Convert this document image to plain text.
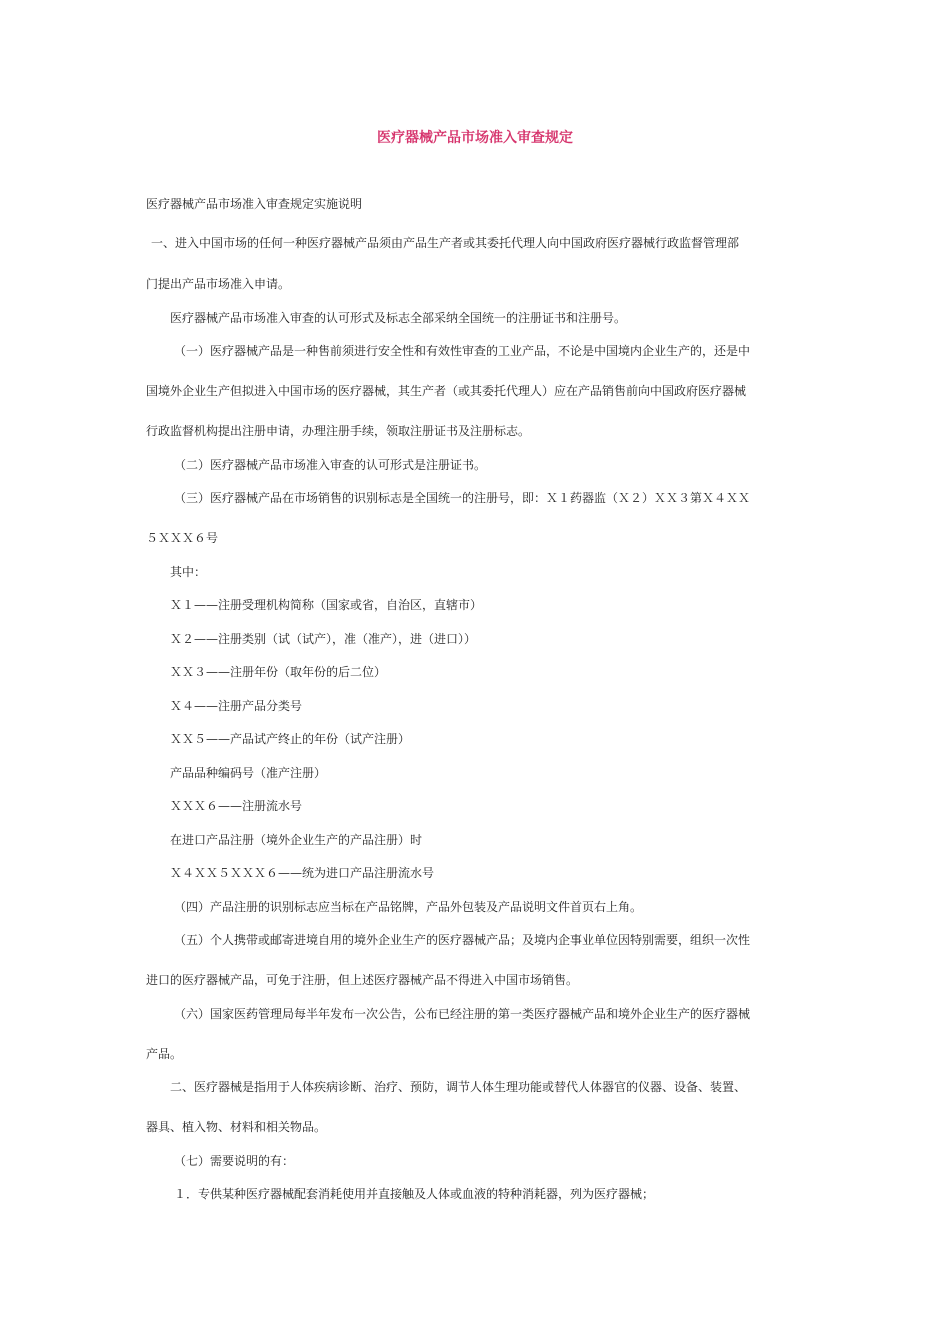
医疗器械产品市场准入审查规定
医疗器械产品市场准入审查规定实施说明
一、进入中国市场的任何一种医疗器械产品须由产品生产者或其委托代理人向中国政府医疗器械行政监督管理部
门提出产品市场准入申请。
医疗器械产品市场准入审查的认可形式及标志全部采纳全国统一的注册证书和注册号。
（一）医疗器械产品是一种售前须进行安全性和有效性审查的工业产品，不论是中国境内企业生产的，还是中
国境外企业生产但拟进入中国市场的医疗器械，其生产者（或其委托代理人）应在产品销售前向中国政府医疗器械
行政监督机构提出注册申请，办理注册手续，领取注册证书及注册标志。
（二）医疗器械产品市场准入审查的认可形式是注册证书。
（三）医疗器械产品在市场销售的识别标志是全国统一的注册号，即：Ｘ１药器监（Ｘ２）ＸＸ３第Ｘ４ＸＸ
５ＸＸＸ６号
其中：
Ｘ１——注册受理机构简称（国家或省，自治区，直辖市）
Ｘ２——注册类别（试（试产），准（准产），进（进口））
ＸＸ３——注册年份（取年份的后二位）
Ｘ４——注册产品分类号
ＸＸ５——产品试产终止的年份（试产注册）
产品品种编码号（准产注册）
ＸＸＸ６——注册流水号
在进口产品注册（境外企业生产的产品注册）时
Ｘ４ＸＸ５ＸＸＸ６——统为进口产品注册流水号
（四）产品注册的识别标志应当标在产品铭牌，产品外包装及产品说明文件首页右上角。
（五）个人携带或邮寄进境自用的境外企业生产的医疗器械产品；及境内企事业单位因特别需要，组织一次性
进口的医疗器械产品，可免于注册，但上述医疗器械产品不得进入中国市场销售。
（六）国家医药管理局每半年发布一次公告，公布已经注册的第一类医疗器械产品和境外企业生产的医疗器械
产品。
二、医疗器械是指用于人体疾病诊断、治疗、预防，调节人体生理功能或替代人体器官的仪器、设备、装置、
器具、植入物、材料和相关物品。
（七）需要说明的有：
１．专供某种医疗器械配套消耗使用并直接触及人体或血液的特种消耗器，列为医疗器械；
